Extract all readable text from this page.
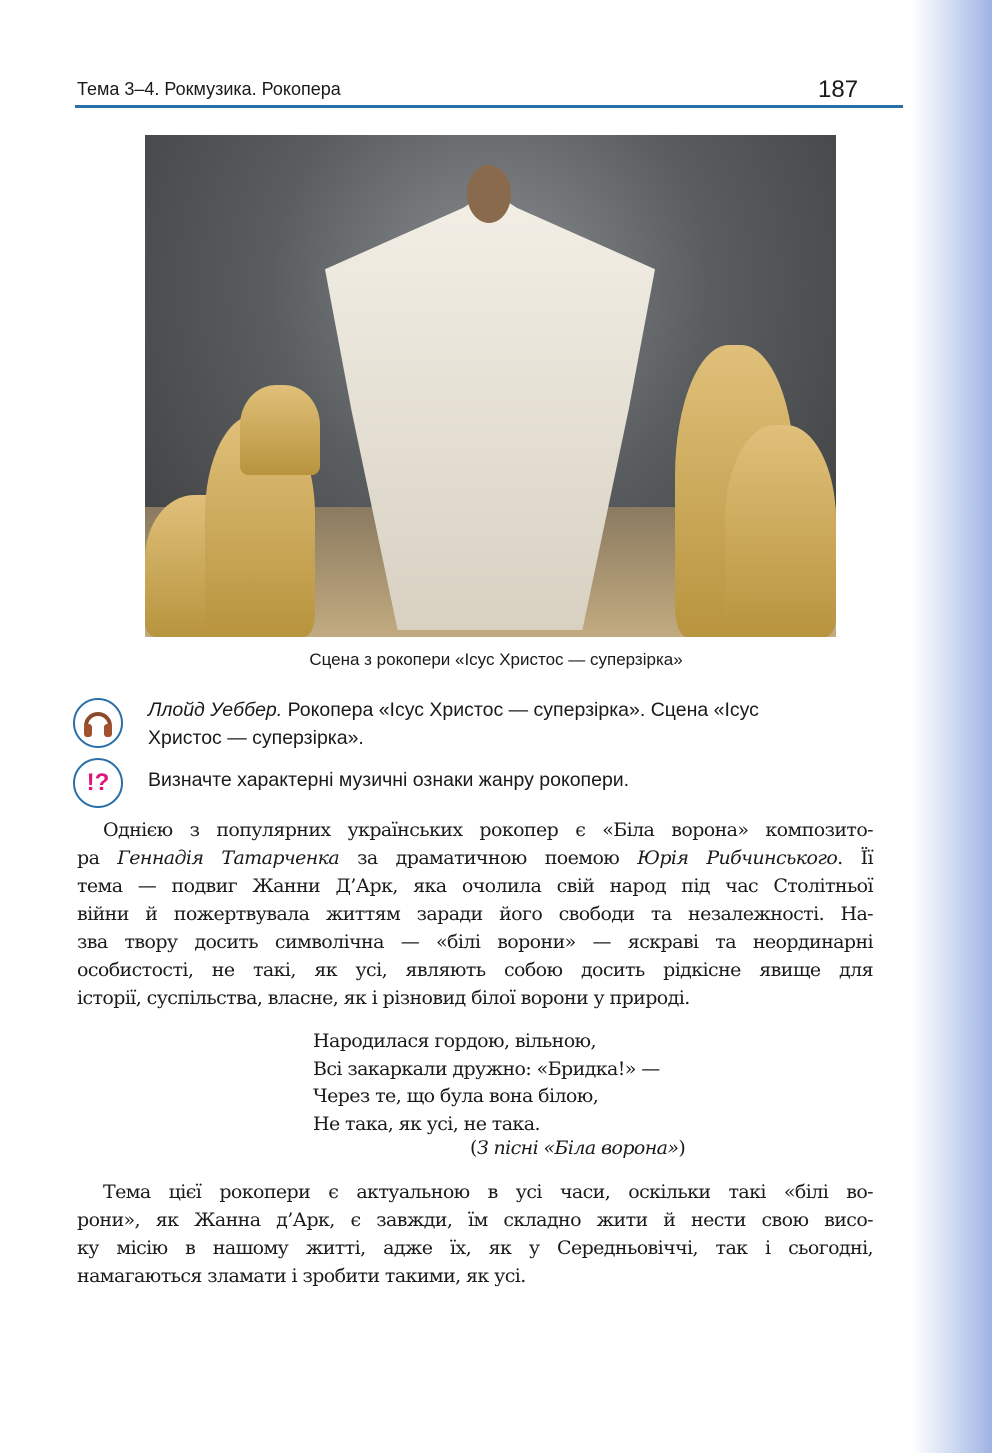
Тема 3–4. Рокмузика. Рокопера	187
Сцена з рокопери «Ісус Христос — суперзірка»
Ллойд Уеббер. Рокопера «Ісус Христос — суперзірка». Сцена «Ісус
Христос — суперзірка».
!? Визначте характерні музичні ознаки жанру рокопери.
Однією з популярних українських рокопер є «Біла ворона» композито-
ра Геннадія Татарченка за драматичною поемою Юрія Рибчинського. Її
тема — подвиг Жанни Д’Арк, яка очолила свій народ під час Столітньої
війни й пожертвувала життям заради його свободи та незалежності. На-
зва твору досить символічна — «білі ворони» — яскраві та неординарні
особистості, не такі, як усі, являють собою досить рідкісне явище для
історії, суспільства, власне, як і різновид білої ворони у природі.
Народилася гордою, вільною,
Всі закаркали дружно: «Бридка!» —
Через те, що була вона білою,
Не така, як усі, не така.
(З пісні «Біла ворона»)
Тема цієї рокопери є актуальною в усі часи, оскільки такі «білі во-
рони», як Жанна д’Арк, є завжди, їм складно жити й нести свою висо-
ку місію в нашому житті, адже їх, як у Середньовіччі, так і сьогодні,
намагаються зламати і зробити такими, як усі.
